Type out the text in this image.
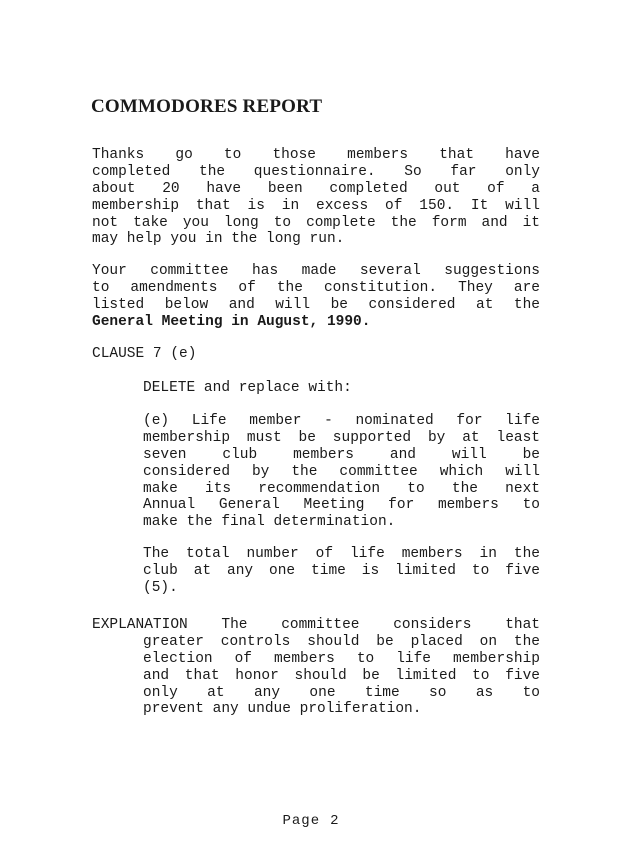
COMMODORES REPORT
Thanks go to those members that have
completed the questionnaire. So far only
about 20 have been completed out of a
membership that is in excess of 150. It will
not take you long to complete the form and it
may help you in the long run.
Your committee has made several suggestions
to amendments of the constitution. They are
listed below and will be considered at the
General Meeting in August, 1990.
CLAUSE 7 (e)
DELETE and replace with:
(e) Life member - nominated for life
membership must be supported by at least
seven club members and will be
considered by the committee which will
make its recommendation to the next
Annual General Meeting for members to
make the final determination.
The total number of life members in the
club at any one time is limited to five
(5).
EXPLANATION The committee considers that
greater controls should be placed on the
election of members to life membership
and that honor should be limited to five
only at any one time so as to
prevent any undue proliferation.
Page 2
